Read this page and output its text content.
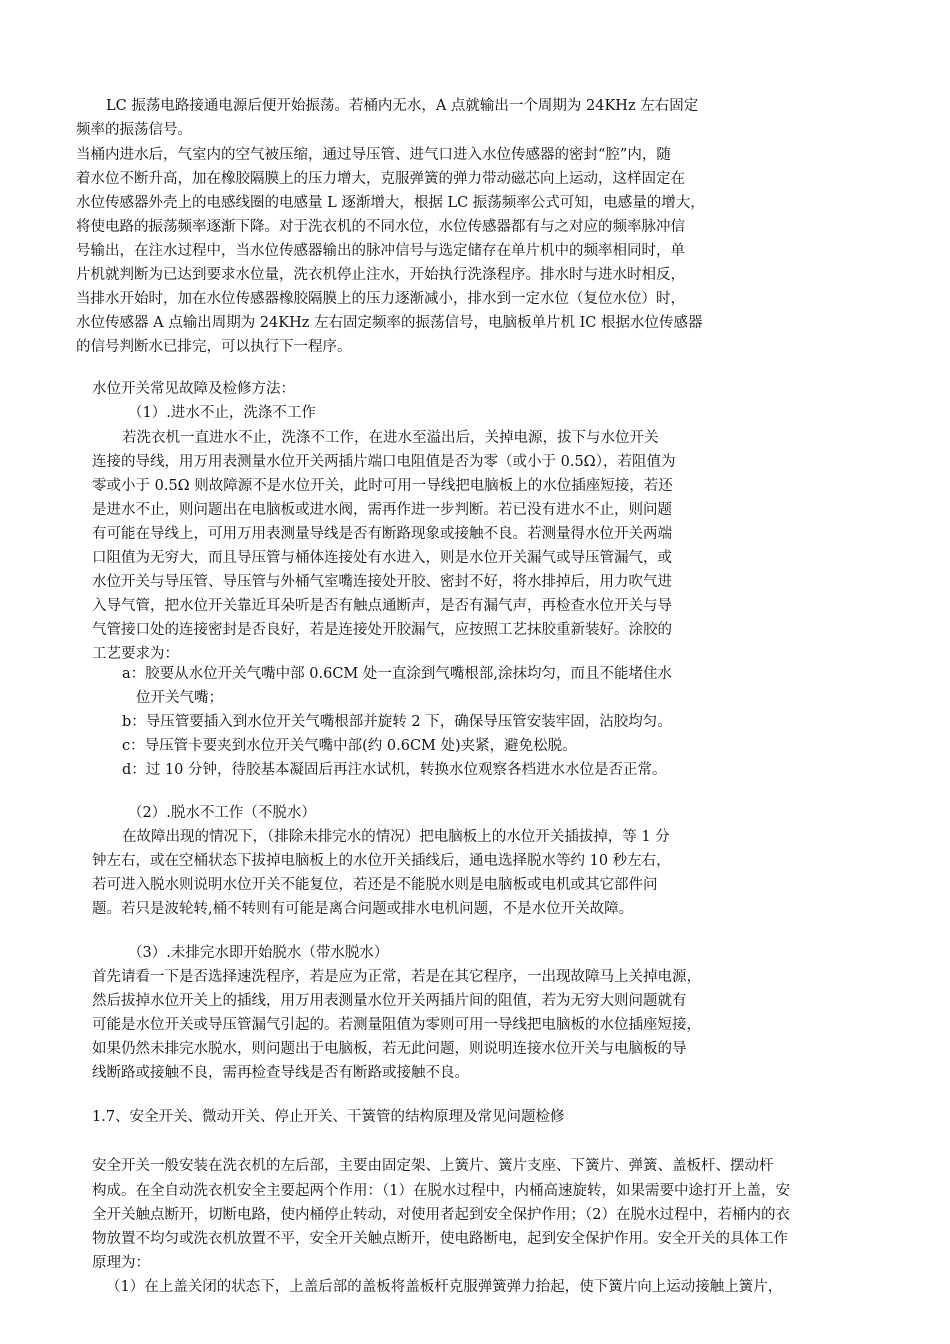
LC 振荡电路接通电源后便开始振荡。若桶内无水，A 点就输出一个周期为 24KHz 左右固定
频率的振荡信号。
当桶内进水后，气室内的空气被压缩，通过导压管、进气口进入水位传感器的密封“腔”内，随
着水位不断升高，加在橡胶隔膜上的压力增大，克服弹簧的弹力带动磁芯向上运动，这样固定在
水位传感器外壳上的电感线圈的电感量 L 逐渐增大，根据 LC 振荡频率公式可知，电感量的增大，
将使电路的振荡频率逐渐下降。对于洗衣机的不同水位，水位传感器都有与之对应的频率脉冲信
号输出，在注水过程中，当水位传感器输出的脉冲信号与选定储存在单片机中的频率相同时，单
片机就判断为已达到要求水位量，洗衣机停止注水，开始执行洗涤程序。排水时与进水时相反，
当排水开始时，加在水位传感器橡胶隔膜上的压力逐渐减小，排水到一定水位（复位水位）时，
水位传感器 A 点输出周期为 24KHz 左右固定频率的振荡信号，电脑板单片机 IC 根据水位传感器
的信号判断水已排完，可以执行下一程序。
水位开关常见故障及检修方法：
（1）.进水不止，洗涤不工作
若洗衣机一直进水不止，洗涤不工作，在进水至溢出后，关掉电源，拔下与水位开关
连接的导线，用万用表测量水位开关两插片端口电阻值是否为零（或小于 0.5Ω），若阻值为
零或小于 0.5Ω 则故障源不是水位开关，此时可用一导线把电脑板上的水位插座短接，若还
是进水不止，则问题出在电脑板或进水阀，需再作进一步判断。若已没有进水不止，则问题
有可能在导线上，可用万用表测量导线是否有断路现象或接触不良。若测量得水位开关两端
口阻值为无穷大，而且导压管与桶体连接处有水进入，则是水位开关漏气或导压管漏气，或
水位开关与导压管、导压管与外桶气室嘴连接处开胶、密封不好，将水排掉后，用力吹气进
入导气管，把水位开关靠近耳朵听是否有触点通断声，是否有漏气声，再检查水位开关与导
气管接口处的连接密封是否良好，若是连接处开胶漏气，应按照工艺抹胶重新装好。涂胶的
工艺要求为：
a：胶要从水位开关气嘴中部 0.6CM 处一直涂到气嘴根部,涂抹均匀，而且不能堵住水
位开关气嘴；
b：导压管要插入到水位开关气嘴根部并旋转 2 下，确保导压管安装牢固，沾胶均匀。
c：导压管卡要夹到水位开关气嘴中部(约 0.6CM 处)夹紧，避免松脱。
d：过 10 分钟，待胶基本凝固后再注水试机，转换水位观察各档进水水位是否正常。
（2）.脱水不工作（不脱水）
在故障出现的情况下，（排除未排完水的情况）把电脑板上的水位开关插拔掉，等 1 分
钟左右，或在空桶状态下拔掉电脑板上的水位开关插线后，通电选择脱水等约 10 秒左右，
若可进入脱水则说明水位开关不能复位，若还是不能脱水则是电脑板或电机或其它部件问
题。若只是波轮转,桶不转则有可能是离合问题或排水电机问题，不是水位开关故障。
（3）.未排完水即开始脱水（带水脱水）
首先请看一下是否选择速洗程序，若是应为正常，若是在其它程序，一出现故障马上关掉电源，
然后拔掉水位开关上的插线，用万用表测量水位开关两插片间的阻值，若为无穷大则问题就有
可能是水位开关或导压管漏气引起的。若测量阻值为零则可用一导线把电脑板的水位插座短接，
如果仍然未排完水脱水，则问题出于电脑板，若无此问题，则说明连接水位开关与电脑板的导
线断路或接触不良，需再检查导线是否有断路或接触不良。
1.7、安全开关、微动开关、停止开关、干簧管的结构原理及常见问题检修
安全开关一般安装在洗衣机的左后部，主要由固定架、上簧片、簧片支座、下簧片、弹簧、盖板杆、摆动杆
构成。在全自动洗衣机安全主要起两个作用：（1）在脱水过程中，内桶高速旋转，如果需要中途打开上盖，安
全开关触点断开，切断电路，使内桶停止转动，对使用者起到安全保护作用；（2）在脱水过程中，若桶内的衣
物放置不均匀或洗衣机放置不平，安全开关触点断开，使电路断电，起到安全保护作用。安全开关的具体工作
原理为：
（1）在上盖关闭的状态下，上盖后部的盖板将盖板杆克服弹簧弹力抬起，使下簧片向上运动接触上簧片，
